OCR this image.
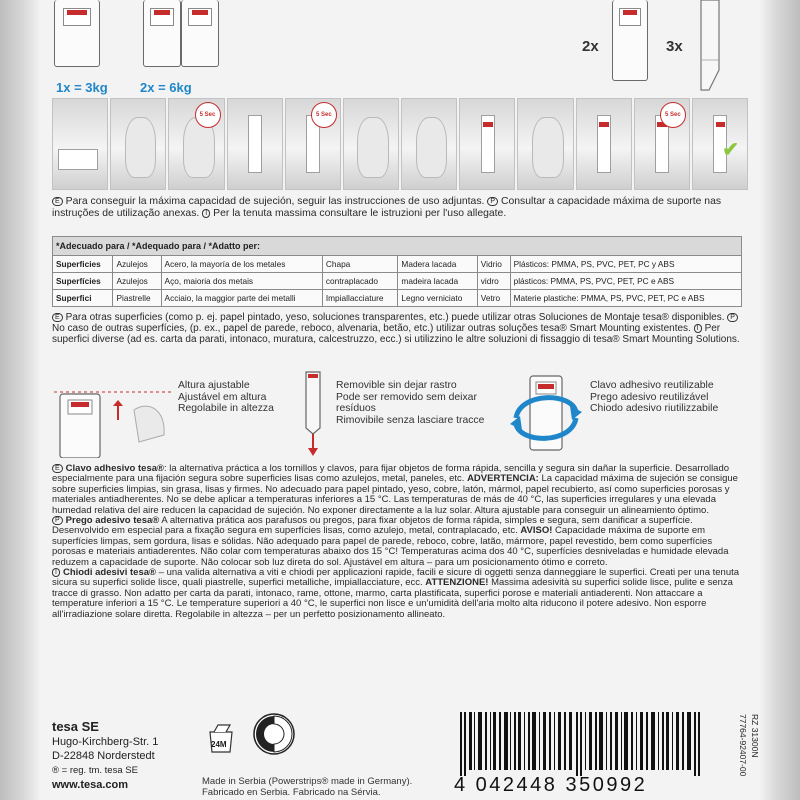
1x = 3kg 2x = 6kg
2x	3x
5 Sec	5 Sec	5 Sec
✔
E Para conseguir la máxima capacidad de sujeción, seguir las instrucciones de uso adjuntas. P Consultar a capacidade máxima de suporte nas instruções de utilização anexas. I Per la tenuta massima consultare le istruzioni per l'uso allegate.
*Adecuado para / *Adequado para / *Adatto per:						
Superficies	Azulejos	Acero, la mayoría de los metales	Chapa	Madera lacada	Vidrio	Plásticos: PMMA, PS, PVC, PET, PC y ABS
Superfícies	Azulejos	Aço, maioria dos metais	contraplacado	madeira lacada	vidro	plásticos: PMMA, PS, PVC, PET, PC e ABS
Superfici	Piastrelle	Acciaio, la maggior parte dei metalli	Impiallacciature	Legno verniciato	Vetro	Materie plastiche: PMMA, PS, PVC, PET, PC e ABS
E Para otras superficies (como p. ej. papel pintado, yeso, soluciones transparentes, etc.) puede utilizar otras Soluciones de Montaje tesa® disponibles. PNo caso de outras superfícies, (p. ex., papel de parede, reboco, alvenaria, betão, etc.) utilizar outras soluções tesa® Smart Mounting existentes. I Per superfici diverse (ad es. carta da parati, intonaco, muratura, calcestruzzo, ecc.) si utilizzino le altre soluzioni di fissaggio di tesa® Smart Mounting Solutions.
Altura ajustable
Ajustável em altura
Regolabile in altezza
Removible sin dejar rastro
Pode ser removido sem deixar resíduos
Rimovibile senza lasciare tracce
Clavo adhesivo reutilizable
Prego adesivo reutilizável
Chiodo adesivo riutilizzabile
E Clavo adhesivo tesa®: la alternativa práctica a los tornillos y clavos, para fijar objetos de forma rápida, sencilla y segura sin dañar la superficie. Desarrollado especialmente para una fijación segura sobre superficies lisas como azulejos, metal, paneles, etc. ADVERTENCIA: La capacidad máxima de sujeción se consigue sobre superficies limpias, sin grasa, lisas y firmes. No adecuado para papel pintado, yeso, cobre, latón, mármol, papel recubierto, así como superficies porosas y materiales antiadherentes. No se debe aplicar a temperaturas inferiores a 15 °C. Las temperaturas de más de 40 °C, las superficies irregulares y una elevada humedad relativa del aire reducen la capacidad de sujeción. No exponer directamente a la luz solar. Altura ajustable para conseguir un alineamiento óptimo.
P Prego adesivo tesa® A alternativa prática aos parafusos ou pregos, para fixar objetos de forma rápida, simples e segura, sem danificar a superfície. Desenvolvido em especial para a fixação segura em superfícies lisas, como azulejo, metal, contraplacado, etc. AVISO! Capacidade máxima de suporte em superfícies limpas, sem gordura, lisas e sólidas. Não adequado para papel de parede, reboco, cobre, latão, mármore, papel revestido, bem como superfícies porosas e materiais antiaderentes. Não colar com temperaturas abaixo dos 15 °C! Temperaturas acima dos 40 °C, superfícies desniveladas e humidade elevada reduzem a capacidade de suporte. Não colocar sob luz direta do sol. Ajustável em altura – para um posicionamento ótimo e correto.
I Chiodi adesivi tesa® – una valida alternativa a viti e chiodi per applicazioni rapide, facili e sicure di oggetti senza danneggiare le superfici. Creati per una tenuta sicura su superfici solide lisce, quali piastrelle, superfici metalliche, impiallacciature, ecc. ATTENZIONE! Massima adesività su superfici solide lisce, pulite e senza tracce di grasso. Non adatto per carta da parati, intonaco, rame, ottone, marmo, carta plastificata, superfici porose e materiali antiaderenti. Non attaccare a temperature inferiori a 15 °C. Le temperature superiori a 40 °C, le superfici non lisce e un'umidità dell'aria molto alta riducono il potere adesivo. Non esporre all'irradiazione solare diretta. Regolabile in altezza – per un perfetto posizionamento allineato.
tesa SE
Hugo-Kirchberg-Str. 1
D-22848 Norderstedt
® = reg. tm. tesa SE
www.tesa.com
24M
Made in Serbia (Powerstrips® made in Germany).
Fabricado en Serbia. Fabricado na Sérvia.	4 042448 350992
77764-92407-00 RZ 31300N
